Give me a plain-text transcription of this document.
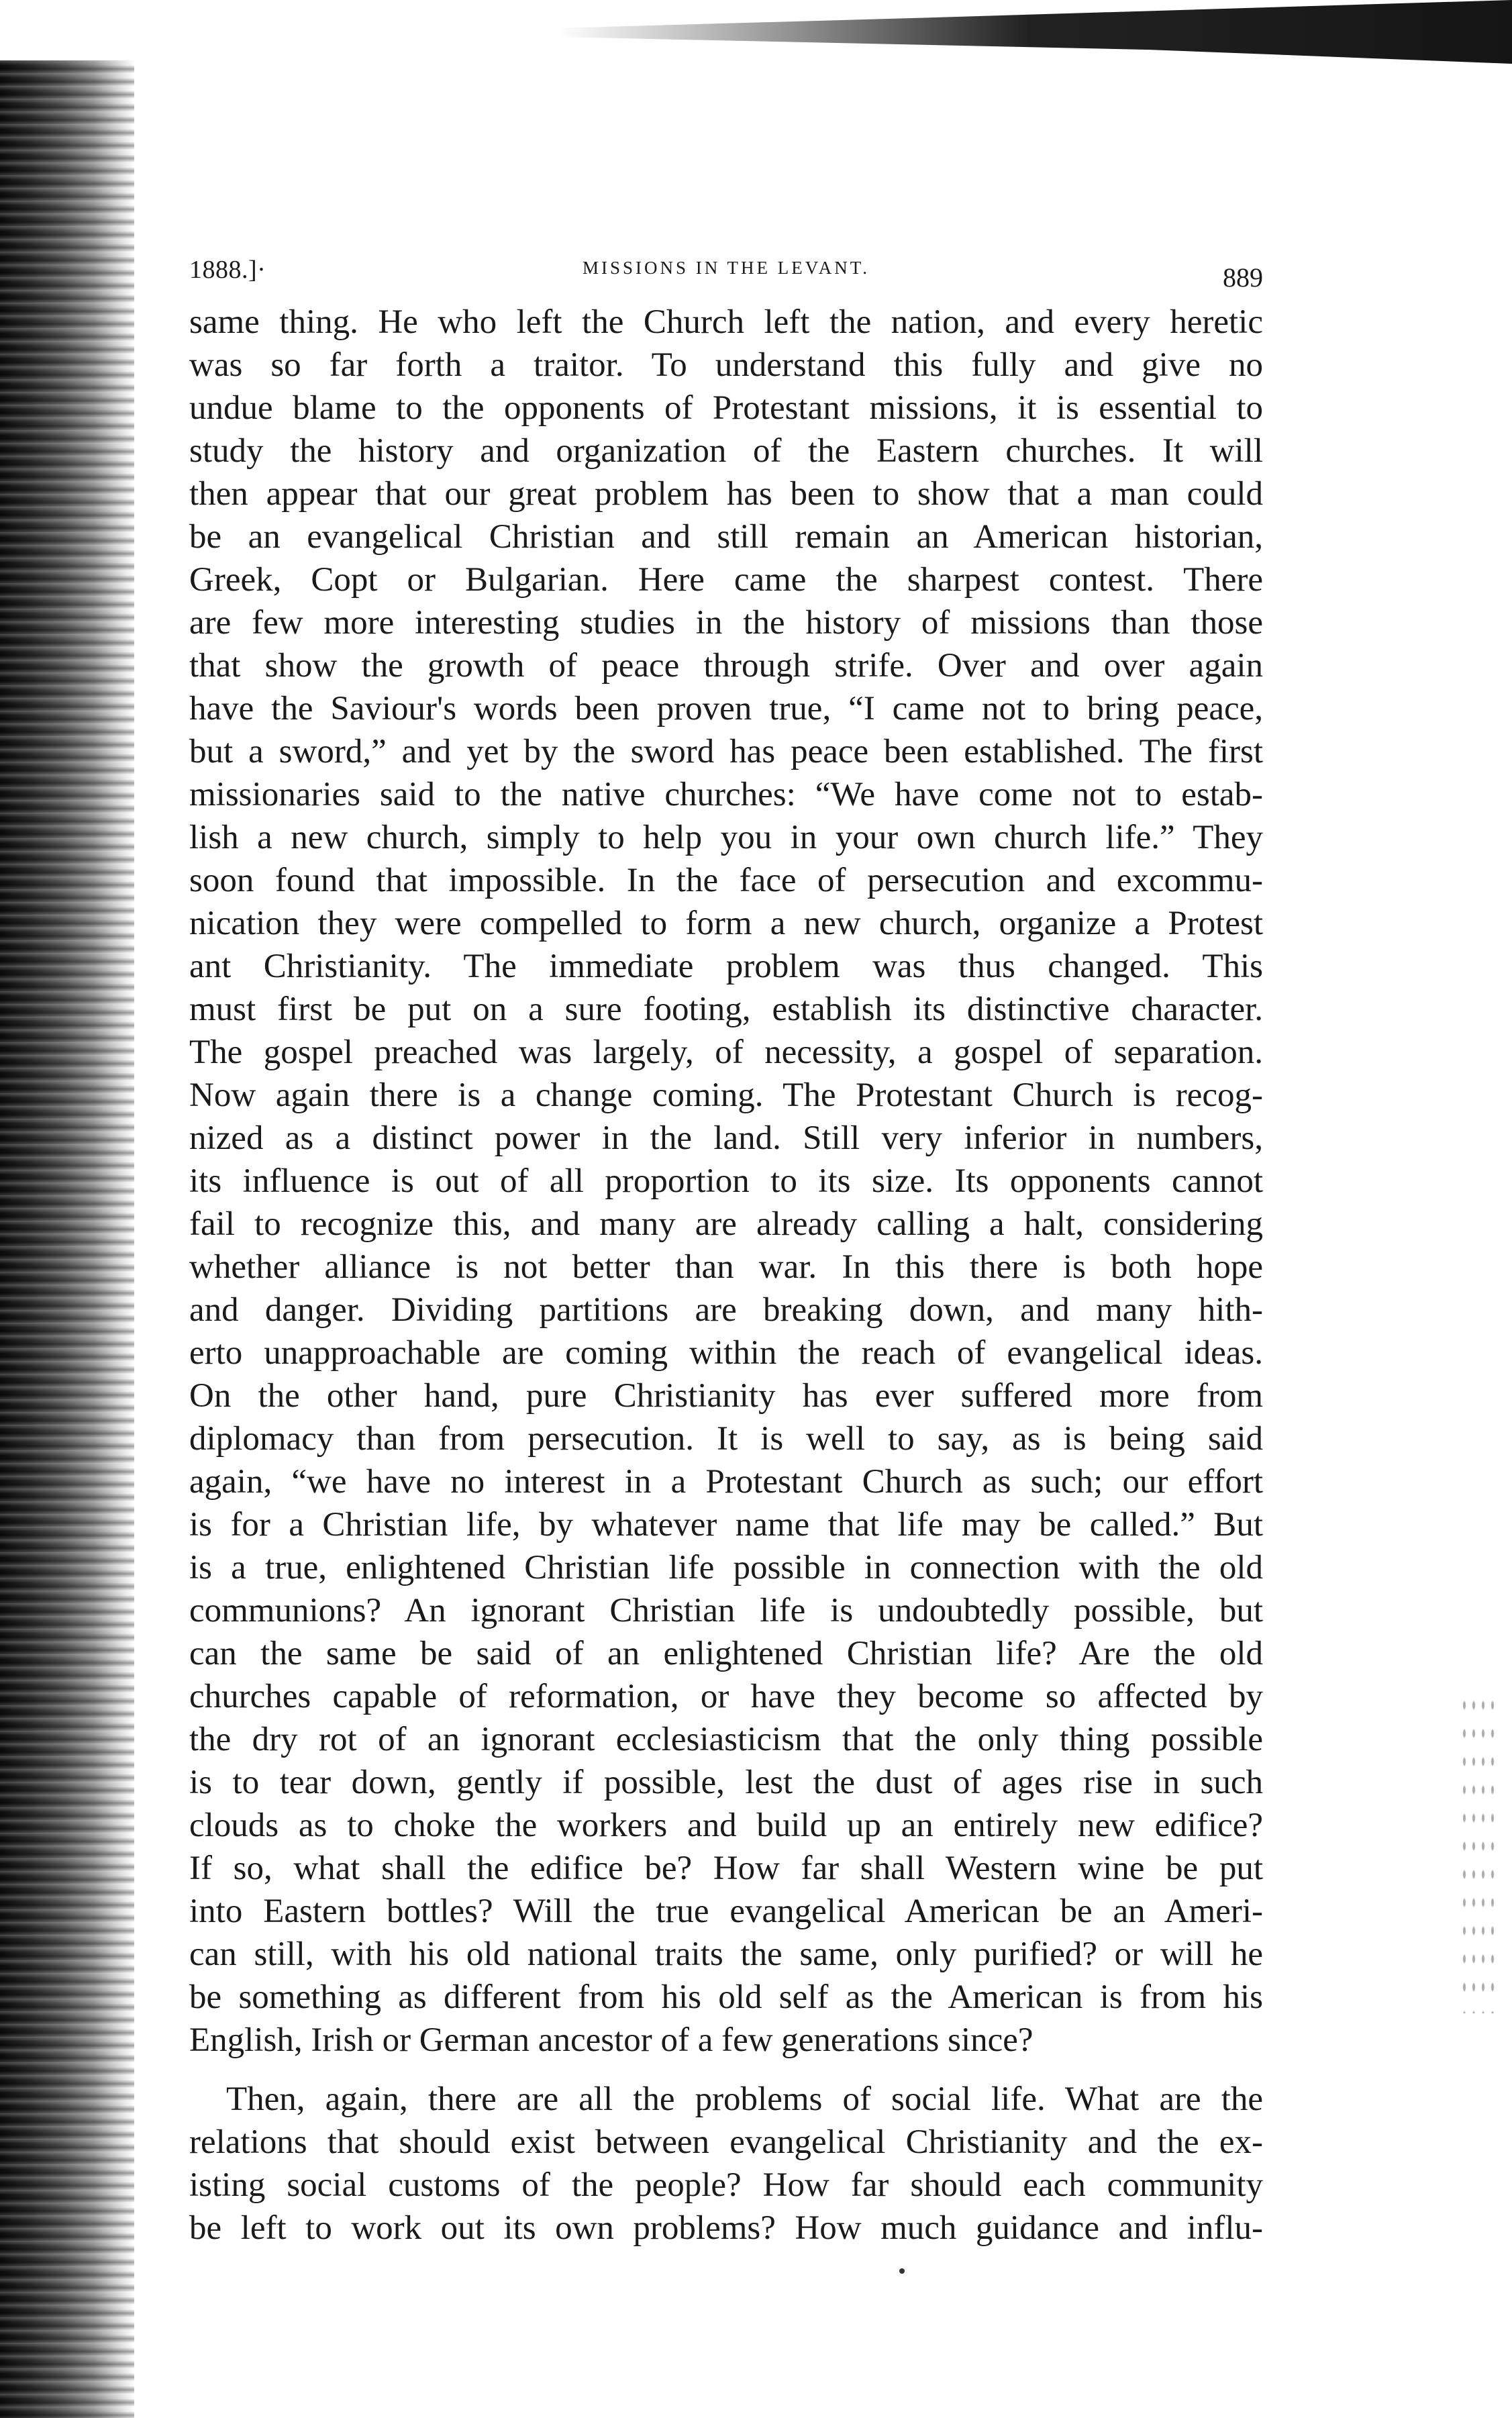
1888.]·	MISSIONS IN THE LEVANT.	889

same thing. He who left the Church left the nation, and every heretic
was so far forth a traitor. To understand this fully and give no
undue blame to the opponents of Protestant missions, it is essential to
study the history and organization of the Eastern churches. It will
then appear that our great problem has been to show that a man could
be an evangelical Christian and still remain an American historian,
Greek, Copt or Bulgarian. Here came the sharpest contest. There
are few more interesting studies in the history of missions than those
that show the growth of peace through strife. Over and over again
have the Saviour's words been proven true, “I came not to bring peace,
but a sword,” and yet by the sword has peace been established. The first
missionaries said to the native churches: “We have come not to estab-
lish a new church, simply to help you in your own church life.” They
soon found that impossible. In the face of persecution and excommu-
nication they were compelled to form a new church, organize a Protest
ant Christianity. The immediate problem was thus changed. This
must first be put on a sure footing, establish its distinctive character.
The gospel preached was largely, of necessity, a gospel of separation.
Now again there is a change coming. The Protestant Church is recog-
nized as a distinct power in the land. Still very inferior in numbers,
its influence is out of all proportion to its size. Its opponents cannot
fail to recognize this, and many are already calling a halt, considering
whether alliance is not better than war. In this there is both hope
and danger. Dividing partitions are breaking down, and many hith-
erto unapproachable are coming within the reach of evangelical ideas.
On the other hand, pure Christianity has ever suffered more from
diplomacy than from persecution. It is well to say, as is being said
again, “we have no interest in a Protestant Church as such; our effort
is for a Christian life, by whatever name that life may be called.” But
is a true, enlightened Christian life possible in connection with the old
communions? An ignorant Christian life is undoubtedly possible, but
can the same be said of an enlightened Christian life? Are the old
churches capable of reformation, or have they become so affected by
the dry rot of an ignorant ecclesiasticism that the only thing possible
is to tear down, gently if possible, lest the dust of ages rise in such
clouds as to choke the workers and build up an entirely new edifice?
If so, what shall the edifice be? How far shall Western wine be put
into Eastern bottles? Will the true evangelical American be an Ameri-
can still, with his old national traits the same, only purified? or will he
be something as different from his old self as the American is from his
English, Irish or German ancestor of a few generations since?

Then, again, there are all the problems of social life. What are the
relations that should exist between evangelical Christianity and the ex-
isting social customs of the people? How far should each community
be left to work out its own problems? How much guidance and influ-
